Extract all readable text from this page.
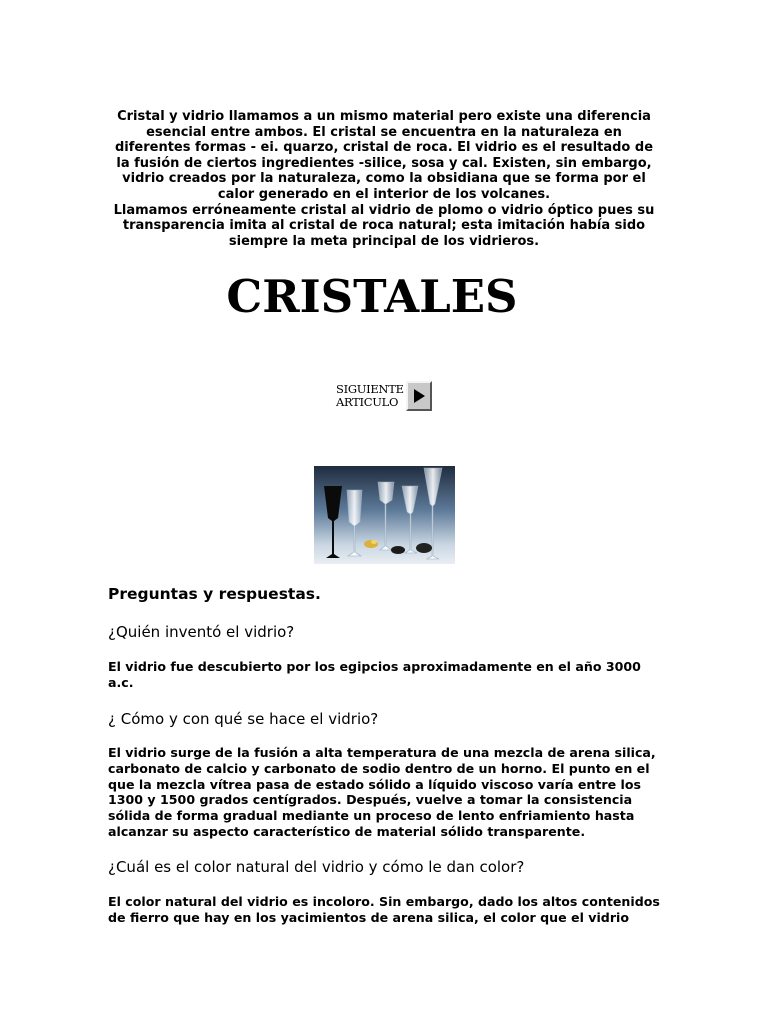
Cristal y vidrio llamamos a un mismo material pero existe una diferencia esencial entre ambos. El cristal se encuentra en la naturaleza en diferentes formas - ei. quarzo, cristal de roca. El vidrio es el resultado de la fusión de ciertos ingredientes -silice, sosa y cal. Existen, sin embargo, vidrio creados por la naturaleza, como la obsidiana que se forma por el calor generado en el interior de los volcanes.

Llamamos erróneamente cristal al vidrio de plomo o vidrio óptico pues su transparencia imita al cristal de roca natural; esta imitación había sido siempre la meta principal de los vidrieros.

CRISTALES
SIGUIENTE
ARTICULO
Preguntas y respuestas.
¿Quién inventó el vidrio?
El vidrio fue descubierto por los egipcios aproximadamente en el año 3000 a.c.
¿ Cómo y con qué se hace el vidrio?
El vidrio surge de la fusión a alta temperatura de una mezcla de arena silica, carbonato de calcio y carbonato de sodio dentro de un horno. El punto en el que la mezcla vítrea pasa de estado sólido a líquido viscoso varía entre los 1300 y 1500 grados centígrados. Después, vuelve a tomar la consistencia sólida de forma gradual mediante un proceso de lento enfriamiento hasta alcanzar su aspecto característico de material sólido transparente.
¿Cuál es el color natural del vidrio y cómo le dan color?
El color natural del vidrio es incoloro. Sin embargo, dado los altos contenidos de fierro que hay en los yacimientos de arena silica, el color que el vidrio
